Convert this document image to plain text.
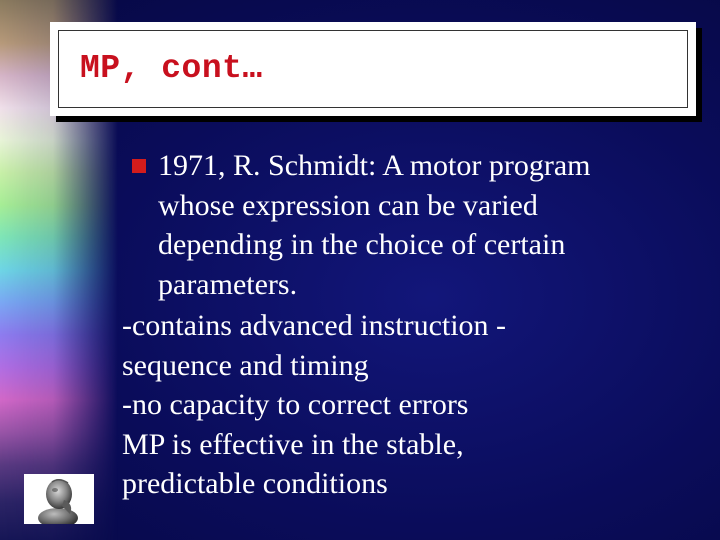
MP, cont…
1971, R. Schmidt: A motor program
whose expression can be varied
depending in the choice of certain
parameters.
-contains advanced instruction -
sequence and timing
-no capacity to correct errors
MP is effective in the stable,
predictable conditions
